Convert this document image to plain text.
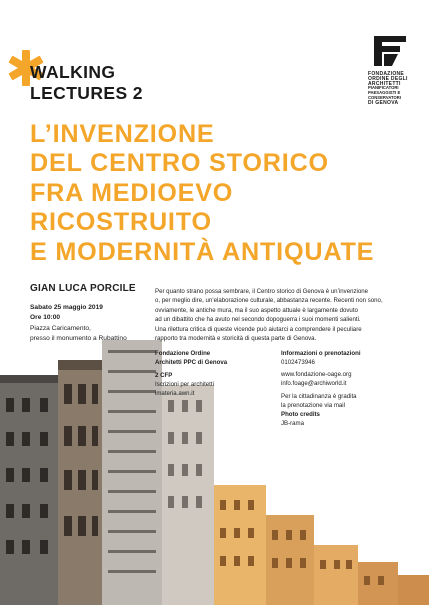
WALKING
LECTURES 2
FONDAZIONE
ORDINE DEGLI
ARCHITETTI
PIANIFICATORI
PAESAGGISTI E
CONSERVATORI
DI GENOVA
L’INVENZIONE
DEL CENTRO STORICO
FRA MEDIOEVO
RICOSTRUITO
E MODERNITÀ ANTIQUATE
GIAN LUCA PORCILE
Sabato 25 maggio 2019
Ore 10:00
Piazza Caricamento,
presso il monumento a Rubattino
Per quanto strano possa sembrare, il Centro storico di Genova è un’invenzione
o, per meglio dire, un’elaborazione culturale, abbastanza recente. Recenti non sono,
ovviamente, le antiche mura, ma il suo aspetto attuale è largamente dovuto
ad un dibattito che ha avuto nel secondo dopoguerra i suoi momenti salienti.
Una rilettura critica di queste vicende può aiutarci a comprendere il peculiare
rapporto tra modernità e storicità di questa parte di Genova.
Fondazione Ordine
Architetti PPC di Genova
2 CFP
Iscrizioni per architetti
imateria.awn.it
Informazioni o prenotazioni
0102473946
www.fondazione-oage.org
info.foage@archiworld.it
Per la cittadinanza è gradita
la prenotazione via mail
Photo credits
JB-rama
